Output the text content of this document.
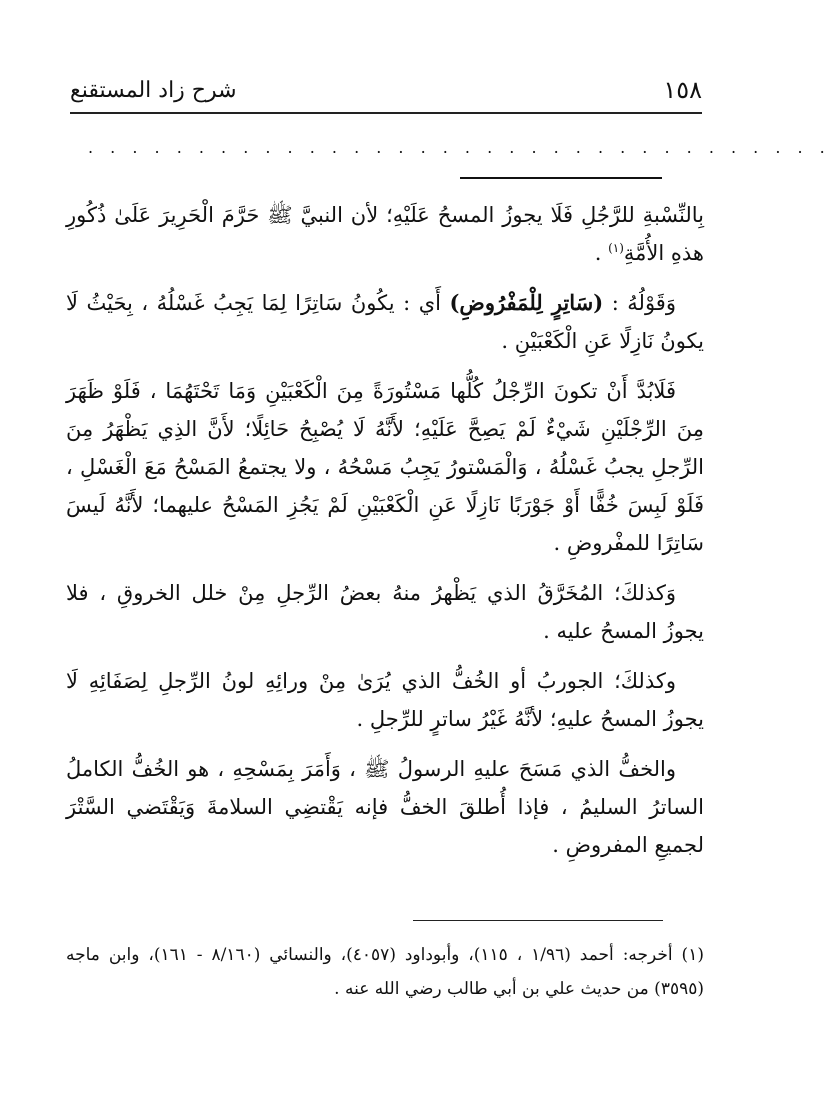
١٥٨
شرح زاد المستقنع
. . . . . . . . . . . . . . . . . . . . . . . . . . . . . . . . . .

بِالنِّسْبةِ للرَّجُلِ فَلَا يجوزُ المسحُ عَلَيْهِ؛ لأن النبيَّ ﷺ حَرَّمَ الْحَرِيرَ عَلَىٰ ذُكُورِ هذهِ الأُمَّةِ$^{(١)}$ .

وَقَوْلُهُ : (سَاتِرٍ لِلْمَفْرُوضِ) أَي : يكُونُ سَاتِرًا لِمَا يَجِبُ غَسْلُهُ ، بِحَيْثُ لَا يكونُ نَازِلًا عَنِ الْكَعْبَيْنِ .

فَلَابُدَّ أَنْ تكونَ الرِّجْلُ كُلُّها مَسْتُورَةً مِنَ الْكَعْبَيْنِ وَمَا تَحْتَهُمَا ، فَلَوْ ظَهَرَ مِنَ الرِّجْلَيْنِ شَيْءٌ لَمْ يَصِحَّ عَلَيْهِ؛ لأَنَّهُ لَا يُصْبِحُ حَائِلًا؛ لأَنَّ الذِي يَظْهَرُ مِنَ الرِّجلِ يجبُ غَسْلُهُ ، وَالْمَسْتورُ يَجِبُ مَسْحُهُ ، ولا يجتمعُ المَسْحُ مَعَ الْغَسْلِ ، فَلَوْ لَبِسَ خُفًّا أَوْ جَوْرَبًا نَازِلًا عَنِ الْكَعْبَيْنِ لَمْ يَجُزِ المَسْحُ عليهما؛ لأَنَّهُ لَيسَ سَاتِرًا للمفْروضِ .

وَكذلكَ؛ المُخَرَّقُ الذي يَظْهرُ منهُ بعضُ الرِّجلِ مِنْ خلل الخروقِ ، فلا يجوزُ المسحُ عليه .

وكذلكَ؛ الجوربُ أو الخُفُّ الذي يُرَىٰ مِنْ ورائِهِ لونُ الرِّجلِ لِصَفَائِهِ لَا يجوزُ المسحُ عليهِ؛ لأنَّهُ غَيْرُ ساترٍ للرِّجلِ .

والخفُّ الذي مَسَحَ عليهِ الرسولُ ﷺ ، وَأَمَرَ بِمَسْحِهِ ، هو الخُفُّ الكاملُ الساترُ السليمُ ، فإذا أُطلقَ الخفُّ فإنه يَقْتضِي السلامةَ وَيَقْتَضي السَّتْرَ لجميعِ المفروضِ .

(١) أخرجه: أحمد (١/٩٦ ، ١١٥)، وأبوداود (٤٠٥٧)، والنسائي (٨/١٦٠ - ١٦١)، وابن ماجه (٣٥٩٥) من حديث علي بن أبي طالب رضي الله عنه .
